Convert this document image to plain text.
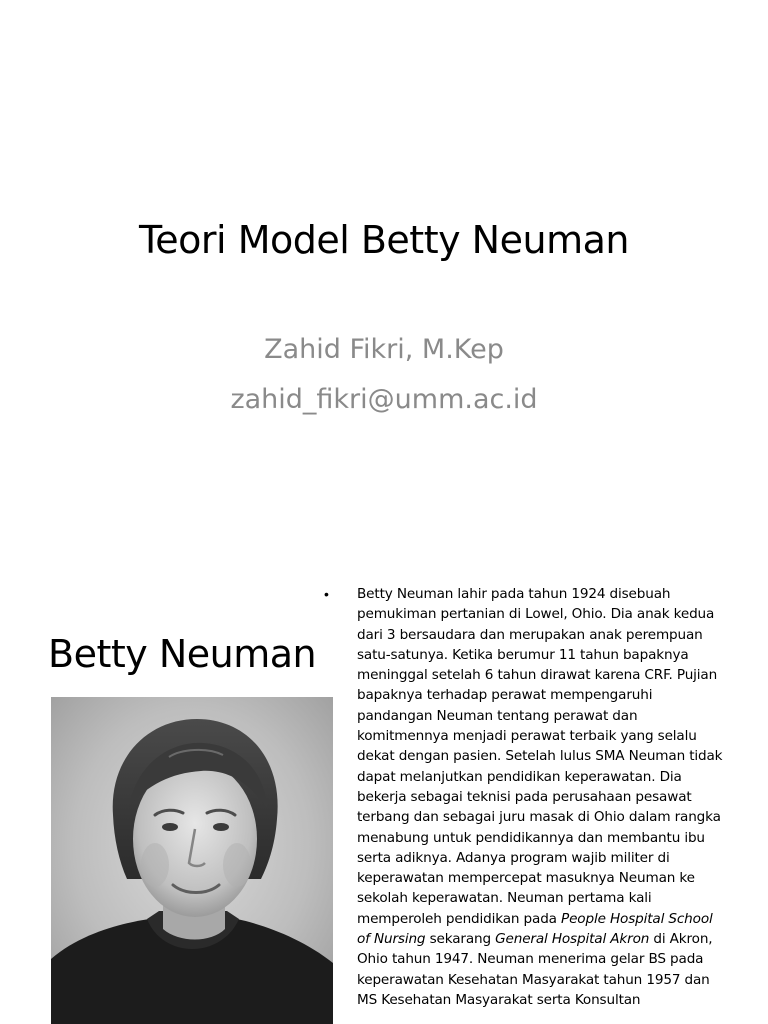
Teori Model Betty Neuman
Zahid Fikri, M.Kep
zahid_fikri@umm.ac.id
Betty Neuman
• Betty Neuman lahir pada tahun 1924 disebuah pemukiman pertanian di Lowel, Ohio. Dia anak kedua dari 3 bersaudara dan merupakan anak perempuan satu-satunya. Ketika berumur 11 tahun bapaknya meninggal setelah 6 tahun dirawat karena CRF. Pujian bapaknya terhadap perawat mempengaruhi pandangan Neuman tentang perawat dan komitmennya menjadi perawat terbaik yang selalu dekat dengan pasien. Setelah lulus SMA Neuman tidak dapat melanjutkan pendidikan keperawatan. Dia bekerja sebagai teknisi pada perusahaan pesawat terbang dan sebagai juru masak di Ohio dalam rangka menabung untuk pendidikannya dan membantu ibu serta adiknya. Adanya program wajib militer di keperawatan mempercepat masuknya Neuman ke sekolah keperawatan. Neuman pertama kali memperoleh pendidikan pada People Hospital School of Nursing sekarang General Hospital Akron di Akron, Ohio tahun 1947. Neuman menerima gelar BS pada keperawatan Kesehatan Masyarakat tahun 1957 dan MS Kesehatan Masyarakat serta Konsultan
